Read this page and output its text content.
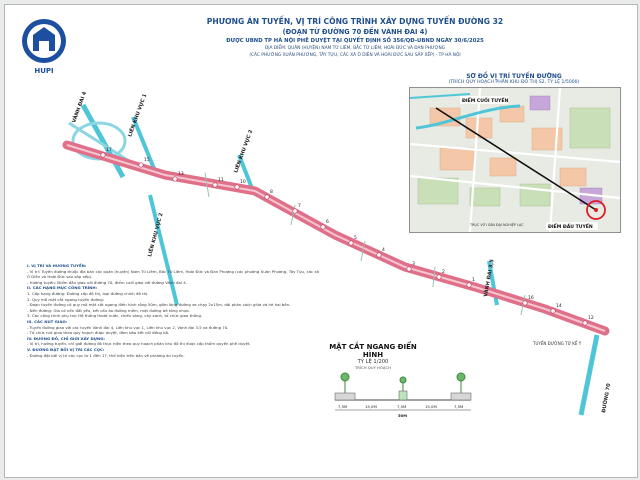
HUPI
PHƯƠNG ÁN TUYẾN, VỊ TRÍ CÔNG TRÌNH XÂY DỰNG TUYẾN ĐƯỜNG 32
(ĐOẠN TỪ ĐƯỜNG 70 ĐẾN VÀNH ĐAI 4)
ĐƯỢC UBND TP HÀ NỘI PHÊ DUYỆT TẠI QUYẾT ĐỊNH SỐ 356/QĐ-UBND NGÀY 30/6/2025
ĐỊA ĐIỂM: QUẬN (HUYỆN) NAM TỪ LIÊM, BẮC TỪ LIÊM, HOÀI ĐỨC VÀ ĐAN PHƯỢNG
(CÁC PHƯỜNG XUÂN PHƯƠNG, TÂY TỰU, CÁC XÃ Ô DIÊN VÀ HOÀI ĐỨC SAU SẮP XẾP) - TP HÀ NỘI
17
15
13
11	10
8
7
6
5
4
3
2
1
16
14
12
VÀNH ĐAI 4	LIÊN KHU VỰC 1
LIÊN KHU VỰC 2
LIÊN KHU VỰC 2
VÀNH ĐAI 3,5
ĐƯỜNG 70
TUYẾN ĐƯỜNG TỪ KẾ Ý
7,5M	15,0M	7,5M	15,0M	7,5M
50M
SƠ ĐỒ VỊ TRÍ TUYẾN ĐƯỜNG
(TRÍCH QUY HOẠCH PHÂN KHU ĐÔ THỊ S2, TỶ LỆ 1/5000)
ĐIỂM CUỐI TUYẾN
ĐIỂM ĐẦU TUYẾN
TRỤC VỚI SÂN ĐẠI NGHIỆP LẠC
I. VỊ TRÍ VÀ HƯỚNG TUYẾN:
- Vị trí: Tuyến đường thuộc địa bàn các quận (huyện) Nam Từ Liêm, Bắc Từ Liêm, Hoài Đức và Đan Phượng (các phường Xuân Phương, Tây Tựu, các xã Ô Diên và Hoài Đức sau sắp xếp).
- Hướng tuyến: Điểm đầu giao với đường 70, điểm cuối giao với đường Vành đai 4.
II. CÁC HẠNG MỤC CÔNG TRÌNH:
1. Cấp hạng đường: Đường cấp đô thị, loại đường chính đô thị.
2. Quy mô mặt cắt ngang tuyến đường:
- Đoạn tuyến đường có quy mô mặt cắt ngang điển hình rộng 50m, gồm lòng đường xe chạy 2x15m, dải phân cách giữa và hè hai bên.
- Nền đường: Gia cố nền đất yếu, kết cấu áo đường mềm, mặt đường bê tông nhựa.
3. Các công trình phụ trợ: Hệ thống thoát nước, chiếu sáng, cây xanh, tổ chức giao thông.
III. CÁC NÚT GIAO:
- Tuyến đường giao với các tuyến Vành đai 4, Liên khu vực 1, Liên khu vực 2, Vành đai 3,5 và đường 70.
- Tổ chức nút giao theo quy hoạch được duyệt, đảm bảo kết nối đồng bộ.
IV. ĐƯỜNG ĐỎ, CHỈ GIỚI XÂY DỰNG:
- Vị trí, hướng tuyến, chỉ giới đường đỏ thực hiện theo quy hoạch phân khu đô thị được cấp thẩm quyền phê duyệt.
V. ĐƯỜNG ĐẶT BỞI VỊ TRÍ CÁC CỌC:
- Đường đặt bởi vị trí các cọc từ 1 đến 17, thể hiện trên bản vẽ phương án tuyến.
MẶT CẮT NGANG ĐIỂN HÌNH
TỶ LỆ 1/200
TRÍCH QUY HOẠCH
